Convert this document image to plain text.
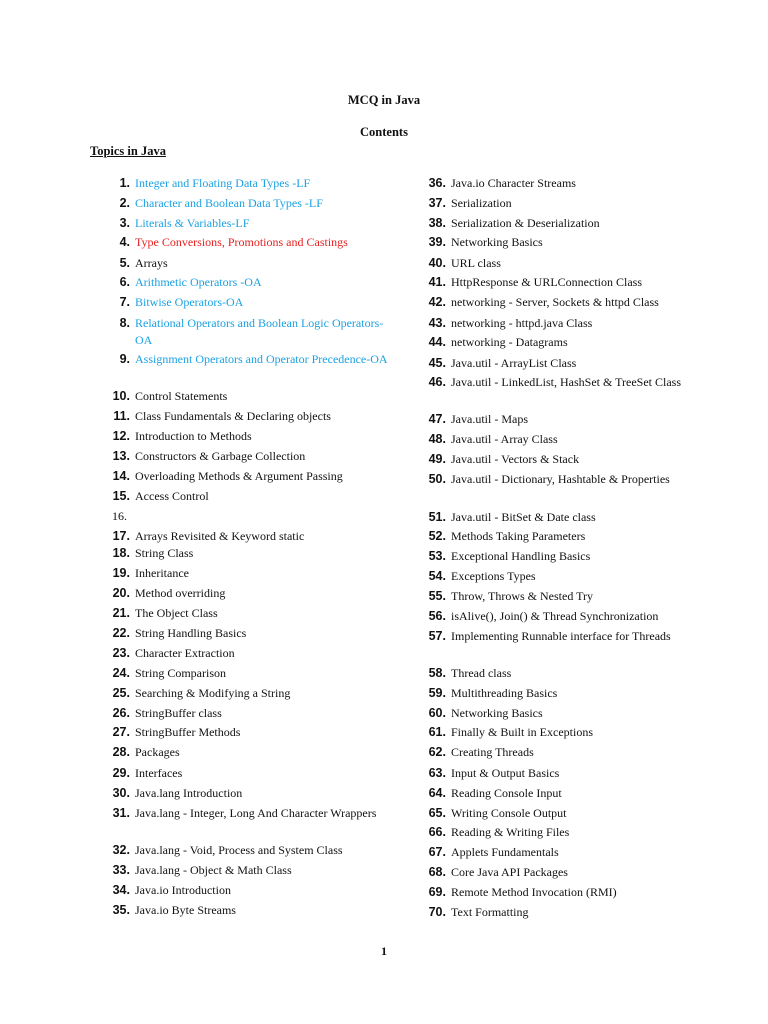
MCQ in Java
Contents
Topics in Java
1. Integer and Floating Data Types -LF
2. Character and Boolean Data Types -LF
3. Literals & Variables-LF
4. Type Conversions, Promotions and Castings
5. Arrays
6. Arithmetic Operators -OA
7. Bitwise Operators-OA
8. Relational Operators and Boolean Logic Operators-OA
9. Assignment Operators and Operator Precedence-OA
10. Control Statements
11. Class Fundamentals & Declaring objects
12. Introduction to Methods
13. Constructors & Garbage Collection
14. Overloading Methods & Argument Passing
15. Access Control
16.
17. Arrays Revisited & Keyword static
18. String Class
19. Inheritance
20. Method overriding
21. The Object Class
22. String Handling Basics
23. Character Extraction
24. String Comparison
25. Searching & Modifying a String
26. StringBuffer class
27. StringBuffer Methods
28. Packages
29. Interfaces
30. Java.lang Introduction
31. Java.lang - Integer, Long And Character Wrappers
32. Java.lang - Void, Process and System Class
33. Java.lang - Object & Math Class
34. Java.io Introduction
35. Java.io Byte Streams
36. Java.io Character Streams
37. Serialization
38. Serialization & Deserialization
39. Networking Basics
40. URL class
41. HttpResponse & URLConnection Class
42. networking - Server, Sockets & httpd Class
43. networking - httpd.java Class
44. networking - Datagrams
45. Java.util - ArrayList Class
46. Java.util - LinkedList, HashSet & TreeSet Class
47. Java.util - Maps
48. Java.util - Array Class
49. Java.util - Vectors & Stack
50. Java.util - Dictionary, Hashtable & Properties
51. Java.util - BitSet & Date class
52. Methods Taking Parameters
53. Exceptional Handling Basics
54. Exceptions Types
55. Throw, Throws & Nested Try
56. isAlive(), Join() & Thread Synchronization
57. Implementing Runnable interface for Threads
58. Thread class
59. Multithreading Basics
60. Networking Basics
61. Finally & Built in Exceptions
62. Creating Threads
63. Input & Output Basics
64. Reading Console Input
65. Writing Console Output
66. Reading & Writing Files
67. Applets Fundamentals
68. Core Java API Packages
69. Remote Method Invocation (RMI)
70. Text Formatting
1
